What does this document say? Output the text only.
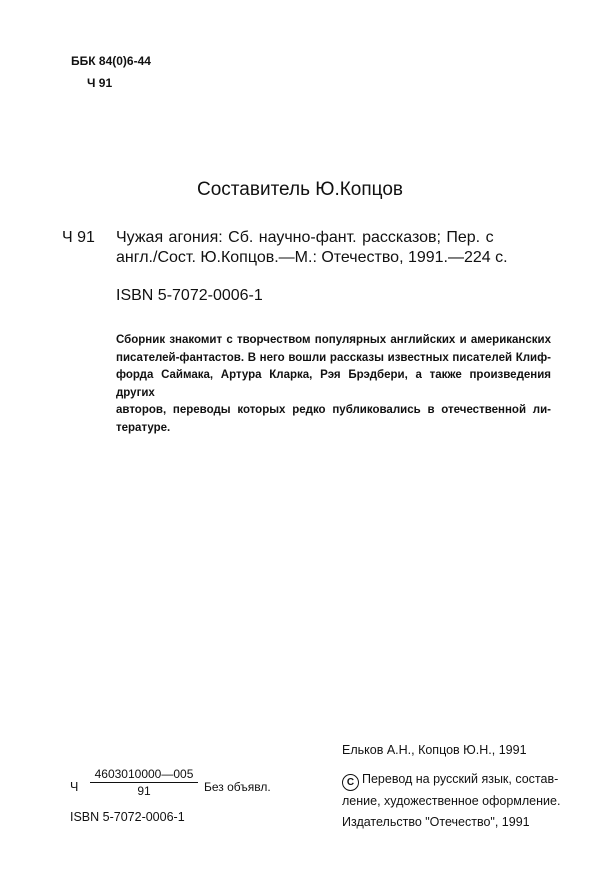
ББК 84(0)6-44
Ч 91
Составитель Ю.Копцов
Ч 91 Чужая агония: Сб. научно-фант. рассказов; Пер. с
англ./Сост. Ю.Копцов.—М.: Отечество, 1991.—224 с.
ISBN 5-7072-0006-1
Сборник знакомит с творчеством популярных английских и американских
писателей-фантастов. В него вошли рассказы известных писателей Клиф-
форда Саймака, Артура Кларка, Рэя Брэдбери, а также произведения других
авторов, переводы которых редко публиковались в отечественной ли-
тературе.
Ельков А.Н., Копцов Ю.Н., 1991
C Перевод на русский язык, состав-
ление, художественное оформление.
Издательство "Отечество", 1991
Ч $\frac{4603010000—005}{91}$ Без объявл.
ISBN 5-7072-0006-1
